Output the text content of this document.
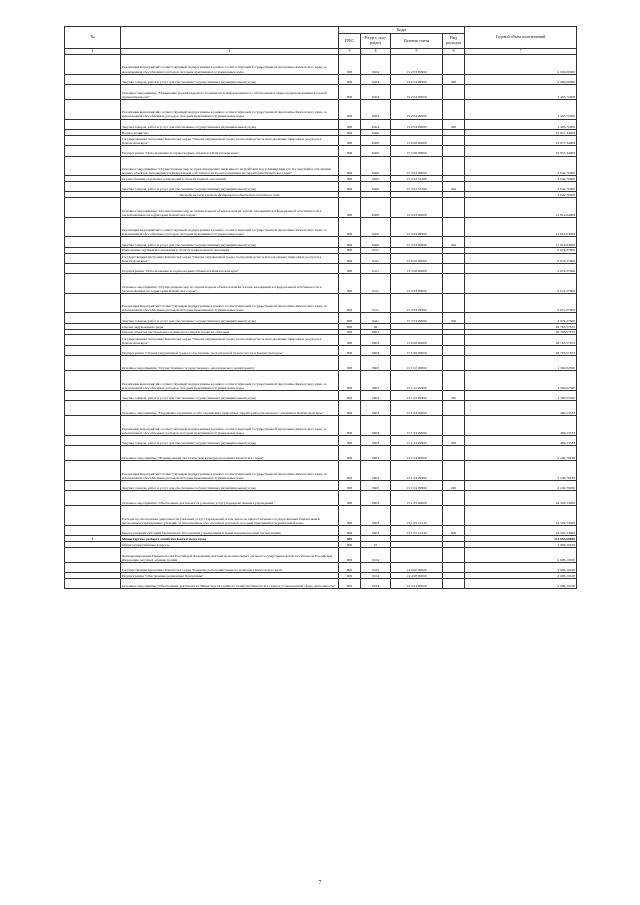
№		Коды				Годовой объем ассигнований
		ГРБС	Раздел, под-раздел	Целевая статья	Вид расходов	
1	2	3	4	5	6	7
	Реализация мероприятий соответствующей подпрограммы в рамках соответствующей государственной программы Камчатского края, за исключением обособленных расходов, которым присваиваются уникальные коды	808	0404	15 2 03 09990		2 000,00000
	Закупка товаров, работ и услуг для обеспечения государственных (муниципальных) нужд	808	0404	15 2 03 09990	200	2 000,00000
	Основное мероприятие "Повышение уровня кадрового потенциала и информационного обеспечения в сфере недропользования в горной промышленности"	808	0404	15 2 04 00000		1 493,72000
	Реализация мероприятий соответствующей подпрограммы в рамках соответствующей государственной программы Камчатского края, за исключением обособленных расходов, которым присваиваются уникальные коды	808	0404	15 2 04 09990		1 493,72000
	Закупка товаров, работ и услуг для обеспечения государственных (муниципальных) нужд	808	0404	15 2 04 09990	200	1 493,72000
	Водное хозяйство	808	0406			25 857,34909
	Государственная программа Камчатского края "Охрана окружающей среды, воспроизводство и использование природных ресурсов в Камчатском крае"	808	0406	15 0 00 00000		25 857,34909
	Подпрограмма "Использование и охрана водных объектов в Камчатском крае"	808	0406	15 3 00 00000		25 857,34909
	Основное мероприятие "Осуществление мер по предотвращению негативного воздействия вод и ликвидации его последствий в отношении водных объектов, находящихся в федеральной собственности и расположенных на территории Камчатского края"	808	0406	15 3 02 00000		4 042,70000
	Осуществление отдельных полномочий в области водных отношений	808	0406	15 3 02 51280		4 042,70000
	Закупка товаров, работ и услуг для обеспечения государственных (муниципальных) нужд	808	0406	15 3 02 51280	200	4 042,70000
	Расходы за счет средств федерального бюджета отчетного года					4 042,70000
	Основное мероприятие "Осуществление мер по охране водных объектов или их частей, находящихся в федеральной собственности и расположенных на территории Камчатского края"	808	0406	15 3 03 00000		21 814,64909
	Реализация мероприятий соответствующей подпрограммы в рамках соответствующей государственной программы Камчатского края, за исключением обособленных расходов, которым присваиваются уникальные коды	808	0406	15 3 03 09990		21 814,64909
	Закупка товаров, работ и услуг для обеспечения государственных (муниципальных) нужд	808	0406	15 3 03 09990	200	21 814,64909
	Прикладные научные исследования в области национальной экономики	808	0411			6 672,27600
	Государственная программа Камчатского края "Охрана окружающей среды, воспроизводство и использование природных ресурсов в Камчатском крае"	808	0411	15 0 00 00000		6 672,27600
	Подпрограмма "Использование и охрана водных объектов в Камчатском крае"	808	0411	15 3 00 00000		6 672,27600
	Основное мероприятие "Осуществление мер по охране водных объектов или их частей, находящихся в федеральной собственности и расположенных на территории Камчатского края"	808	0411	15 3 03 00000		6 672,27600
	Реализация мероприятий соответствующей подпрограммы в рамках соответствующей государственной программы Камчатского края, за исключением обособленных расходов, которым присваиваются уникальные коды	808	0411	15 3 03 09990		6 672,27600
	Закупка товаров, работ и услуг для обеспечения государственных (муниципальных) нужд	808	0411	15 3 03 09990	200	6 672,27600
	Охрана окружающей среды	808	06			48 763,57872
	Охрана объектов растительного и животного мира и среды их обитания	808	0603			48 763,57872
	Государственная программа Камчатского края "Охрана окружающей среды, воспроизводство и использование природных ресурсов в Камчатском крае"	808	0603	15 0 00 00000		48 763,57872
	Подпрограмма "Охрана окружающей среды и обеспечение экологической безопасности в Камчатском крае"	808	0603	15 1 00 00000		48 763,57872
	Основное мероприятие "Осуществление государственного экологического мониторинга"	808	0603	15 1 02 00000		1 560,02500
	Реализация мероприятий соответствующей подпрограммы в рамках соответствующей государственной программы Камчатского края, за исключением обособленных расходов, которым присваиваются уникальные коды	808	0603	15 1 02 09990		1 560,02500
	Закупка товаров, работ и услуг для обеспечения государственных (муниципальных) нужд	808	0603	15 1 02 09990	200	1 560,02500
	Основное мероприятие "Поддержка и развитие особо охраняемых природных территорий регионального значения в Камчатском крае"	808	0603	15 1 03 00000		460,23333
	Реализация мероприятий соответствующей подпрограммы в рамках соответствующей государственной программы Камчатского края, за исключением обособленных расходов, которым присваиваются уникальные коды	808	0603	15 1 03 09990		460,23333
	Закупка товаров, работ и услуг для обеспечения государственных (муниципальных) нужд	808	0603	15 1 03 09990	200	460,23333
	Основное мероприятие "Формирование экологической культуры населения Камчатского края"	808	0603	15 1 04 00000		2 240,79039
	Реализация мероприятий соответствующей подпрограммы в рамках соответствующей государственной программы Камчатского края, за исключением обособленных расходов, которым присваиваются уникальные коды	808	0603	15 1 04 09990		2 240,79039
	Закупка товаров, работ и услуг для обеспечения государственных (муниципальных) нужд	808	0603	15 1 04 09990	200	2 240,79039
	Основное мероприятие "Обеспечение деятельности (оказание услуг) подведомственных учреждений"	808	0603	15 1 05 00000		44 502,53000
	Расходы на обеспечение деятельности (оказание услуг) учреждений, в том числе на предоставление государственным бюджетным и автономным учреждениям субсидий, за исключением обособленных расходов, которым присваиваются уникальные коды	808	0603	15 1 05 10140		44 502,53000
	Предоставление субсидий бюджетным, автономным учреждениям и иным некоммерческим организациям	808	0603	15 1 05 10140	600	44 502,53000
7	Министерство рыбного хозяйства Камчатского края	809				214 855,68600
	Общегосударственные вопросы	809	01			2 996,10100
	Функционирование Правительства Российской Федерации, высших исполнительных органов государственной власти субъектов Российской Федерации, местных администраций	809	0104			2 996,10100
	Государственная программа Камчатского края "Развитие рыбохозяйственного комплекса Камчатского края"	809	0104	14 0 00 00000		2 996,10100
	Подпрограмма "Обеспечение реализации Программы"	809	0104	14 4 00 00000		2 996,10100
	Основное мероприятие "Обеспечение деятельности Министерства рыбного хозяйства Камчатского края в установленной сфере деятельности"	809	0104	14 4 01 00000		2 996,10100
7
